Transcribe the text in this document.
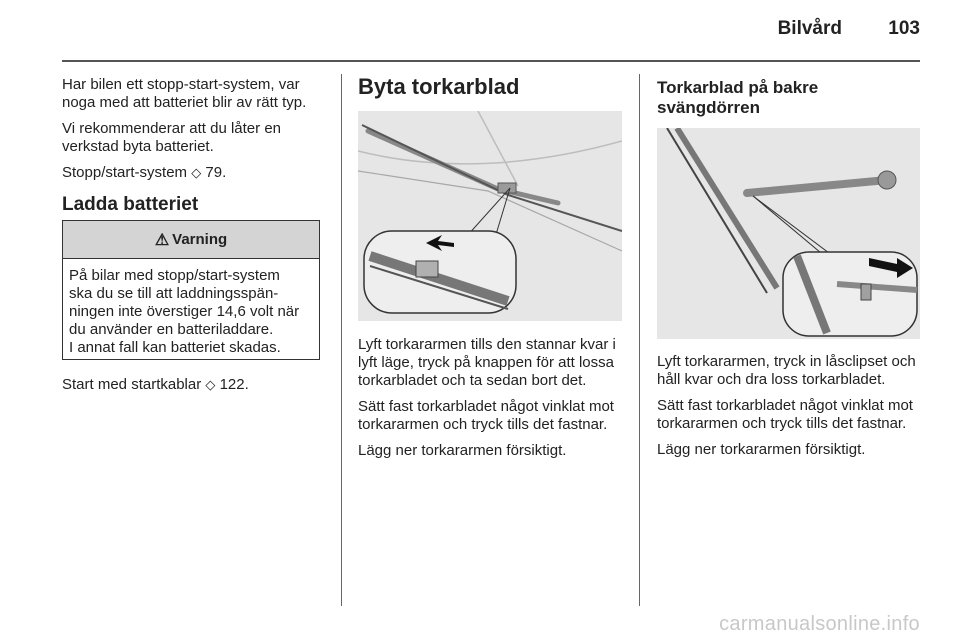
Bilvård 103

Har bilen ett stopp-start-system, var noga med att batteriet blir av rätt typ.

Vi rekommenderar att du låter en verkstad byta batteriet.

Stopp/start-system ◇ 79.

Ladda batteriet
⚠ Varning
På bilar med stopp/start-system
ska du se till att laddningsspän-
ningen inte överstiger 14,6 volt när
du använder en batteriladdare.
I annat fall kan batteriet skadas.

Start med startkablar ◇ 122.

Byta torkarblad

Lyft torkararmen tills den stannar kvar i lyft läge, tryck på knappen för att lossa torkarbladet och ta sedan bort det.

Sätt fast torkarbladet något vinklat mot torkararmen och tryck tills det fastnar.

Lägg ner torkararmen försiktigt.

Torkarblad på bakre
svängdörren

Lyft torkararmen, tryck in låsclipset och håll kvar och dra loss torkarbladet.

Sätt fast torkarbladet något vinklat mot torkararmen och tryck tills det fastnar.

Lägg ner torkararmen försiktigt.

carmanualsonline.info
